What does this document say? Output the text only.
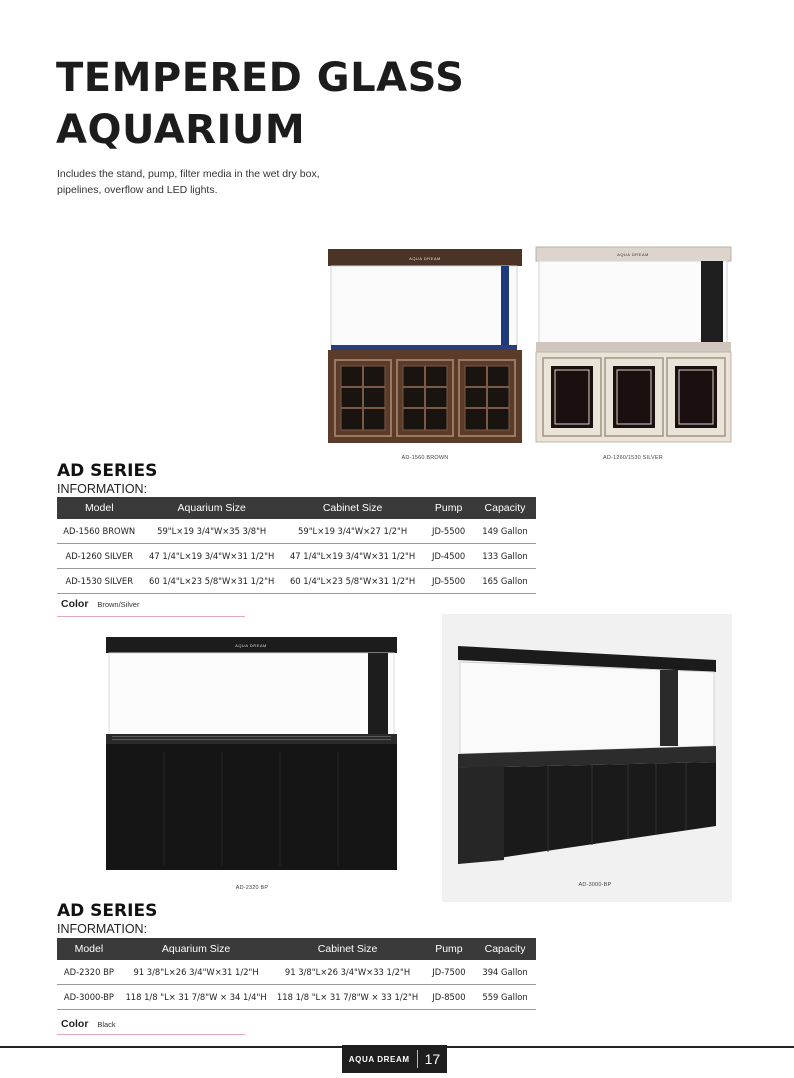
TEMPERED GLASS
AQUARIUM
Includes the stand, pump, filter media in the wet dry box,
pipelines, overflow and LED lights.
AQUA DREAM
AD-1560 BROWN
AQUA DREAM
AD-1260/1530 SILVER
AD SERIES
INFORMATION:
Model	Aquarium Size	Cabinet Size	Pump	Capacity
AD-1560 BROWN	59"L×19 3/4"W×35 3/8"H	59"L×19 3/4"W×27 1/2"H	JD-5500	149 Gallon
AD-1260 SILVER	47 1/4"L×19 3/4"W×31 1/2"H	47 1/4"L×19 3/4"W×31 1/2"H	JD-4500	133 Gallon
AD-1530 SILVER	60 1/4"L×23 5/8"W×31 1/2"H	60 1/4"L×23 5/8"W×31 1/2"H	JD-5500	165 Gallon
Color Brown/Silver
AQUA DREAM
AD-2320 BP	AD-3000-BP
AD SERIES
INFORMATION:
Model	Aquarium Size	Cabinet Size	Pump	Capacity
AD-2320 BP	91 3/8"L×26 3/4"W×31 1/2"H	91 3/8"L×26 3/4"W×33 1/2"H	JD-7500	394 Gallon
AD-3000-BP	118 1/8 "L× 31 7/8"W × 34 1/4"H	118 1/8 "L× 31 7/8"W × 33 1/2"H	JD-8500	559 Gallon
Color Black
AQUA DREAM 17
